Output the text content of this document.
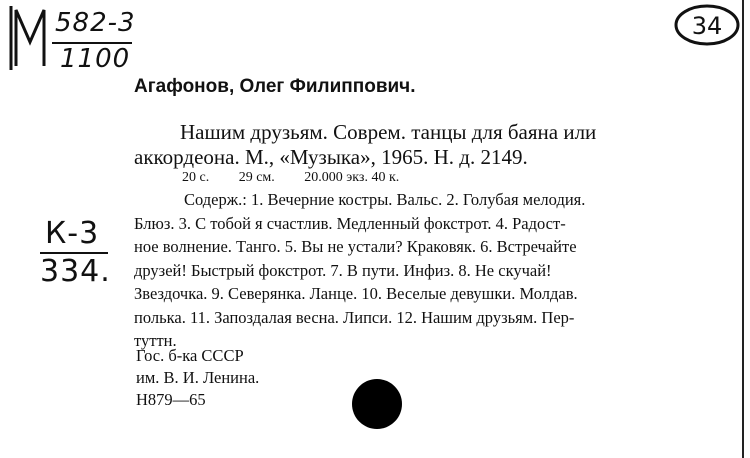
582-3
1100
34
Агафонов, Олег Филиппович.
Нашим друзьям. Соврем. танцы для баяна или
аккордеона. М., «Музыка», 1965. Н. д. 2149.
20 с. 29 см. 20.000 экз. 40 к.
Содерж.: 1. Вечерние костры. Вальс. 2. Голубая мелодия.
Блюз. 3. С тобой я счастлив. Медленный фокстрот. 4. Радост-
ное волнение. Танго. 5. Вы не устали? Краковяк. 6. Встречайте
друзей! Быстрый фокстрот. 7. В пути. Инфиз. 8. Не скучай!
Звездочка. 9. Северянка. Ланце. 10. Веселые девушки. Молдав.
полька. 11. Запоздалая весна. Липси. 12. Нашим друзьям. Пер-
туттн.
К-3
334.
Гос. б-ка СССР
им. В. И. Ленина.
Н879—65
